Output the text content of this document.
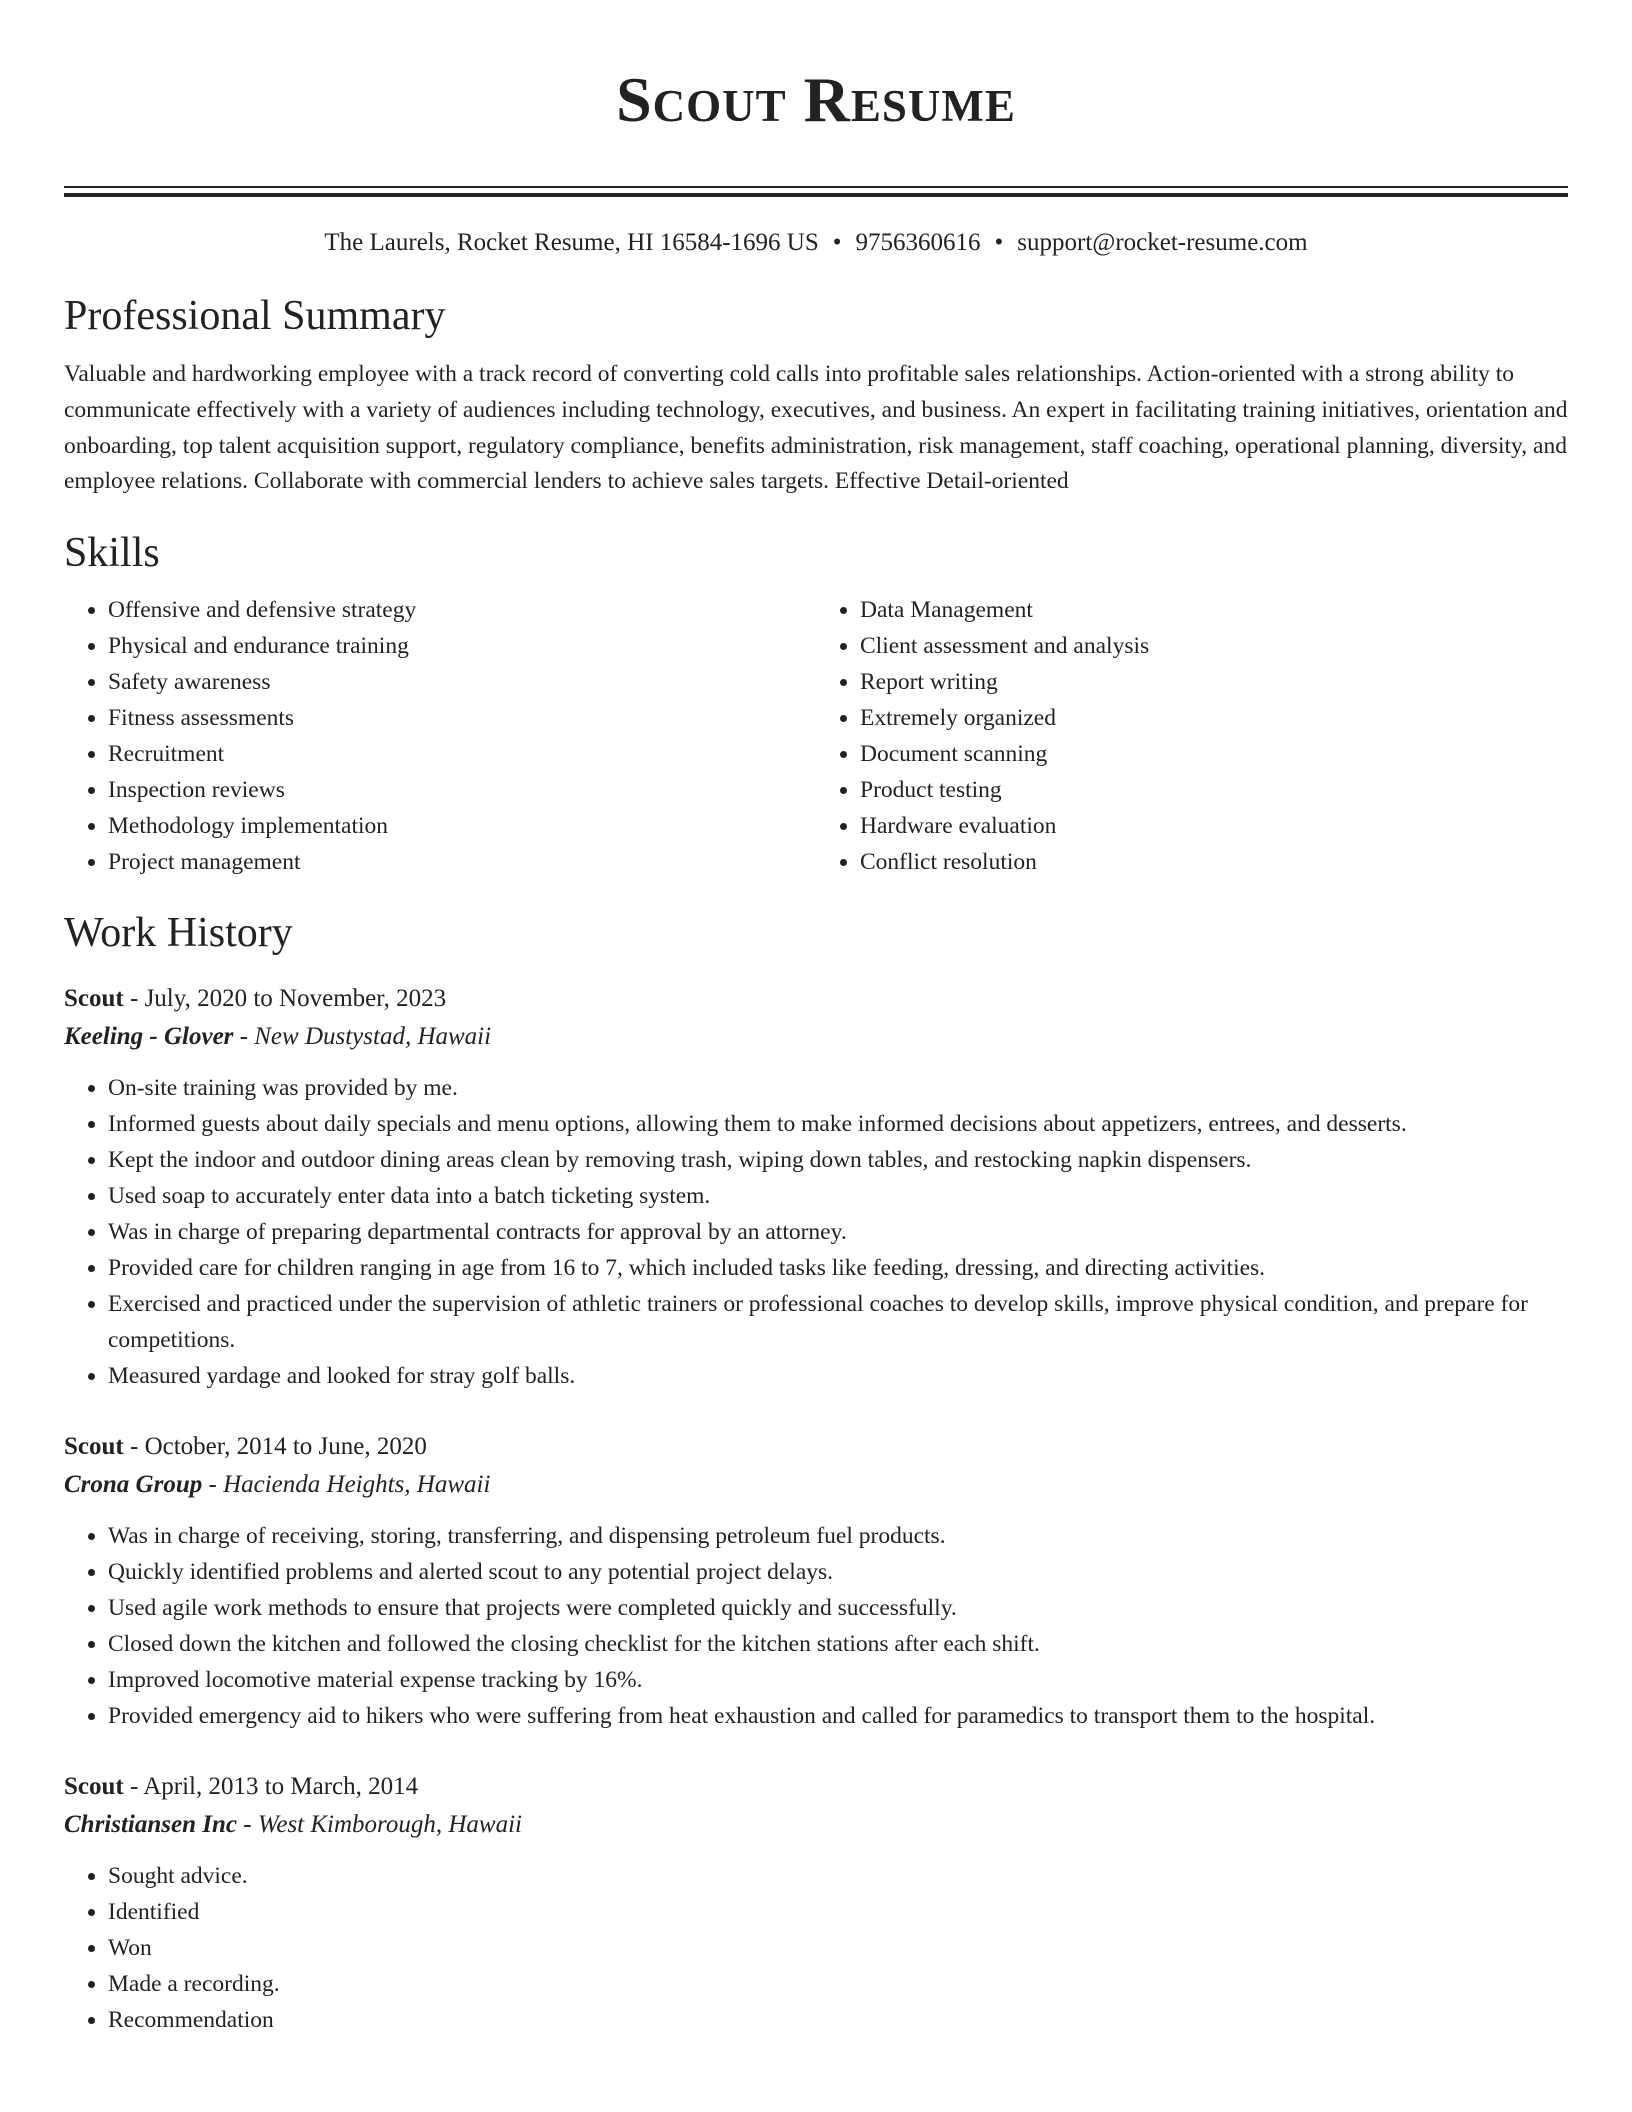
Scout Resume
The Laurels, Rocket Resume, HI 16584-1696 US • 9756360616 • support@rocket-resume.com
Professional Summary
Valuable and hardworking employee with a track record of converting cold calls into profitable sales relationships. Action-oriented with a strong ability to communicate effectively with a variety of audiences including technology, executives, and business. An expert in facilitating training initiatives, orientation and onboarding, top talent acquisition support, regulatory compliance, benefits administration, risk management, staff coaching, operational planning, diversity, and employee relations. Collaborate with commercial lenders to achieve sales targets. Effective Detail-oriented
Skills
• Offensive and defensive strategy
• Physical and endurance training
• Safety awareness
• Fitness assessments
• Recruitment
• Inspection reviews
• Methodology implementation
• Project management
• Data Management
• Client assessment and analysis
• Report writing
• Extremely organized
• Document scanning
• Product testing
• Hardware evaluation
• Conflict resolution
Work History
Scout - July, 2020 to November, 2023
Keeling - Glover - New Dustystad, Hawaii
• On-site training was provided by me.
• Informed guests about daily specials and menu options, allowing them to make informed decisions about appetizers, entrees, and desserts.
• Kept the indoor and outdoor dining areas clean by removing trash, wiping down tables, and restocking napkin dispensers.
• Used soap to accurately enter data into a batch ticketing system.
• Was in charge of preparing departmental contracts for approval by an attorney.
• Provided care for children ranging in age from 16 to 7, which included tasks like feeding, dressing, and directing activities.
• Exercised and practiced under the supervision of athletic trainers or professional coaches to develop skills, improve physical condition, and prepare for competitions.
• Measured yardage and looked for stray golf balls.
Scout - October, 2014 to June, 2020
Crona Group - Hacienda Heights, Hawaii
• Was in charge of receiving, storing, transferring, and dispensing petroleum fuel products.
• Quickly identified problems and alerted scout to any potential project delays.
• Used agile work methods to ensure that projects were completed quickly and successfully.
• Closed down the kitchen and followed the closing checklist for the kitchen stations after each shift.
• Improved locomotive material expense tracking by 16%.
• Provided emergency aid to hikers who were suffering from heat exhaustion and called for paramedics to transport them to the hospital.
Scout - April, 2013 to March, 2014
Christiansen Inc - West Kimborough, Hawaii
• Sought advice.
• Identified
• Won
• Made a recording.
• Recommendation
